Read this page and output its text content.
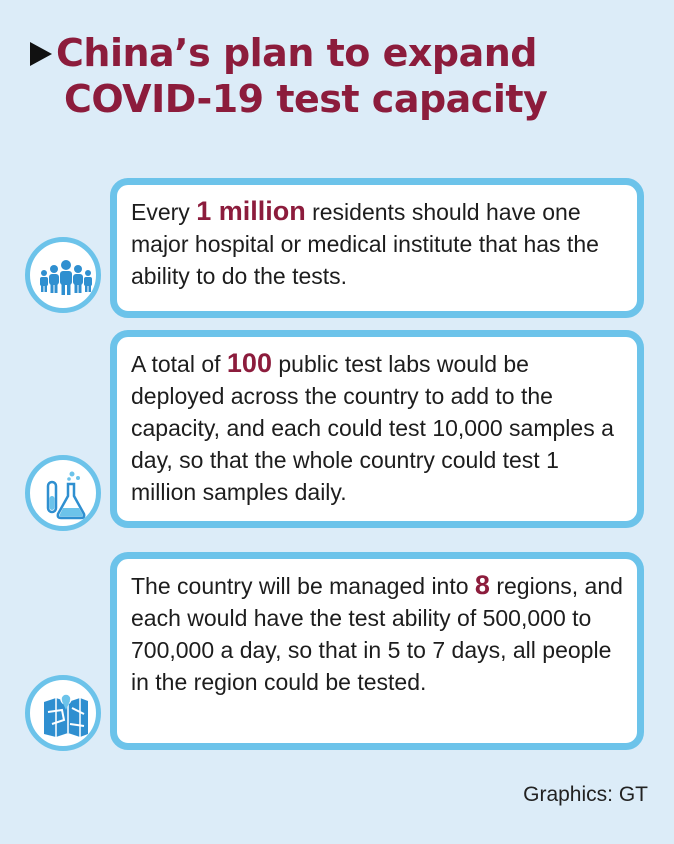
China’s plan to expand
COVID-19 test capacity
Every 1 million residents should have one major hospital or medical institute that has the ability to do the tests.
A total of 100 public test labs would be deployed across the country to add to the capacity, and each could test 10,000 samples a day, so that the whole country could test 1 million samples daily.
The country will be managed into 8 regions, and each would have the test ability of 500,000 to 700,000 a day, so that in 5 to 7 days, all people in the region could be tested.
Graphics: GT
